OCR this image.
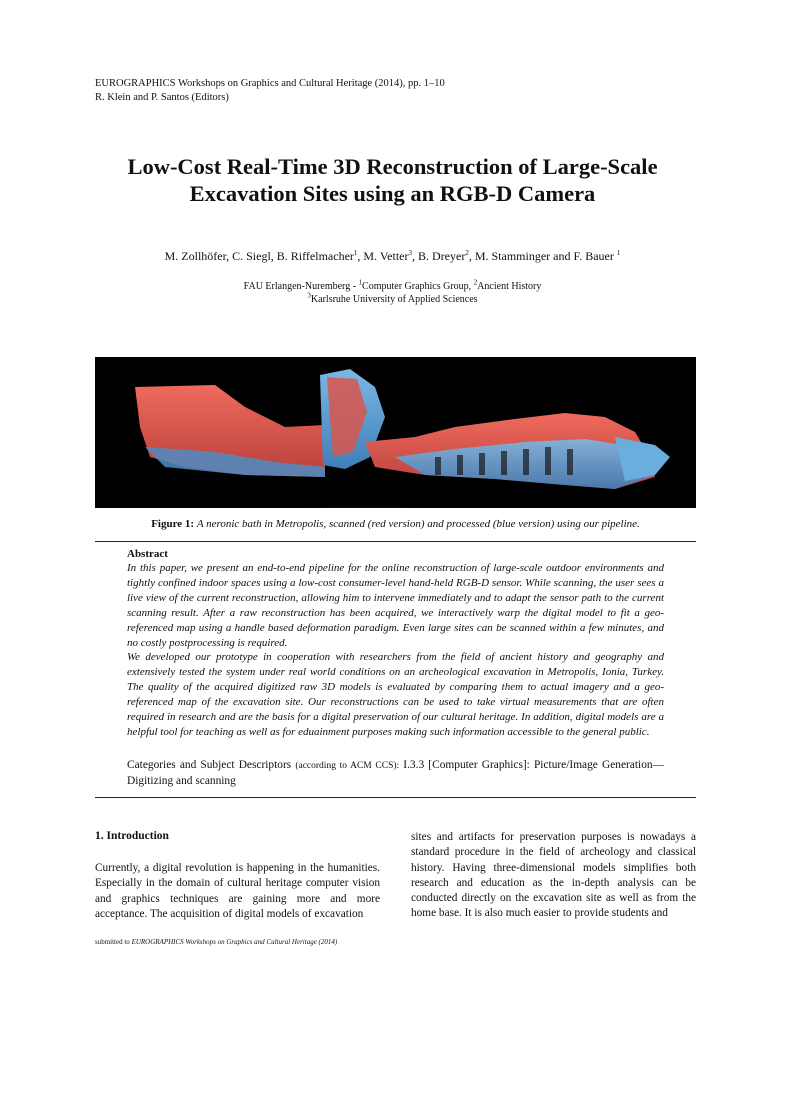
EUROGRAPHICS Workshops on Graphics and Cultural Heritage (2014), pp. 1–10
R. Klein and P. Santos (Editors)
Low-Cost Real-Time 3D Reconstruction of Large-Scale
Excavation Sites using an RGB-D Camera
M. Zollhöfer, C. Siegl, B. Riffelmacher$^1$, M. Vetter$^3$, B. Dreyer$^2$, M. Stamminger and F. Bauer $^1$
FAU Erlangen-Nuremberg - $^1$Computer Graphics Group, $^2$Ancient History
$^3$Karlsruhe University of Applied Sciences
Figure 1: A neronic bath in Metropolis, scanned (red version) and processed (blue version) using our pipeline.
Abstract

In this paper, we present an end-to-end pipeline for the online reconstruction of large-scale outdoor environments and tightly confined indoor spaces using a low-cost consumer-level hand-held RGB-D sensor. While scanning, the user sees a live view of the current reconstruction, allowing him to intervene immediately and to adapt the sensor path to the current scanning result. After a raw reconstruction has been acquired, we interactively warp the digital model to fit a geo-referenced map using a handle based deformation paradigm. Even large sites can be scanned within a few minutes, and no costly postprocessing is required.

We developed our prototype in cooperation with researchers from the field of ancient history and geography and extensively tested the system under real world conditions on an archeological excavation in Metropolis, Ionia, Turkey. The quality of the acquired digitized raw 3D models is evaluated by comparing them to actual imagery and a geo-referenced map of the excavation site. Our reconstructions can be used to take virtual measurements that are often required in research and are the basis for a digital preservation of our cultural heritage. In addition, digital models are a helpful tool for teaching as well as for eduainment purposes making such information accessible to the general public.

Categories and Subject Descriptors (according to ACM CCS): I.3.3 [Computer Graphics]: Picture/Image Generation—Digitizing and scanning
1. Introduction

Currently, a digital revolution is happening in the humanities. Especially in the domain of cultural heritage computer vision and graphics techniques are gaining more and more acceptance. The acquisition of digital models of excavation

sites and artifacts for preservation purposes is nowadays a standard procedure in the field of archeology and classical history. Having three-dimensional models simplifies both research and education as the in-depth analysis can be conducted directly on the excavation site as well as from the home base. It is also much easier to provide students and

submitted to EUROGRAPHICS Workshops on Graphics and Cultural Heritage (2014)
